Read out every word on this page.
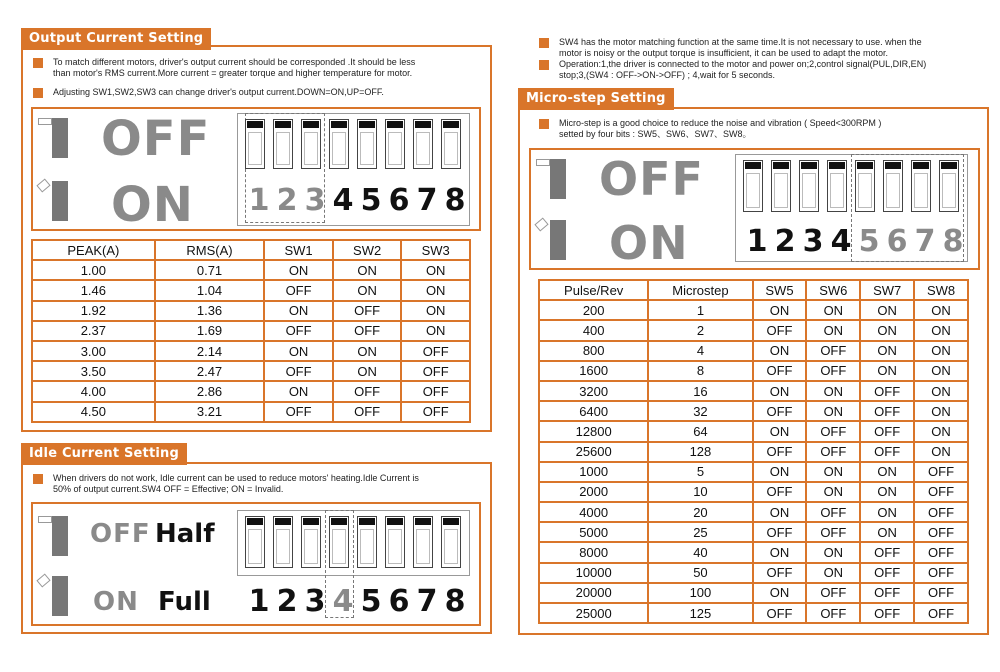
Output Current Setting
To match different motors, driver's output current should be corresponded .It should be less
than motor's RMS current.More current = greater torque and higher temperature for motor.
Adjusting SW1,SW2,SW3 can change driver's output current.DOWN=ON,UP=OFF.
OFF
ON 1 2 3 4 5 6 7 8
PEAK(A)	RMS(A)	SW1	SW2	SW3
1.00	0.71	ON	ON	ON
1.46	1.04	OFF	ON	ON
1.92	1.36	ON	OFF	ON
2.37	1.69	OFF	OFF	ON
3.00	2.14	ON	ON	OFF
3.50	2.47	OFF	ON	OFF
4.00	2.86	ON	OFF	OFF
4.50	3.21	OFF	OFF	OFF
Idle Current Setting
When drivers do not work, Idle current can be used to reduce motors' heating.Idle Current is
50% of output current.SW4 OFF = Effective; ON = Invalid.
OFF Half
ON Full 1 2 3 4 5 6 7 8
SW4 has the motor matching function at the same time.It is not necessary to use. when the
motor is noisy or the output torque is insufficient, it can be used to adapt the motor.
Operation:1,the driver is connected to the motor and power on;2,control signal(PUL,DIR,EN)
stop;3,(SW4 : OFF->ON->OFF) ; 4,wait for 5 seconds.
Micro-step Setting
Micro-step is a good choice to reduce the noise and vibration ( Speed<300RPM )
setted by four bits : SW5、SW6、SW7、SW8。
OFF
ON 1 2 3 4 5 6 7 8
Pulse/Rev	Microstep	SW5	SW6	SW7	SW8
200	1	ON	ON	ON	ON
400	2	OFF	ON	ON	ON
800	4	ON	OFF	ON	ON
1600	8	OFF	OFF	ON	ON
3200	16	ON	ON	OFF	ON
6400	32	OFF	ON	OFF	ON
12800	64	ON	OFF	OFF	ON
25600	128	OFF	OFF	OFF	ON
1000	5	ON	ON	ON	OFF
2000	10	OFF	ON	ON	OFF
4000	20	ON	OFF	ON	OFF
5000	25	OFF	OFF	ON	OFF
8000	40	ON	ON	OFF	OFF
10000	50	OFF	ON	OFF	OFF
20000	100	ON	OFF	OFF	OFF
25000	125	OFF	OFF	OFF	OFF
